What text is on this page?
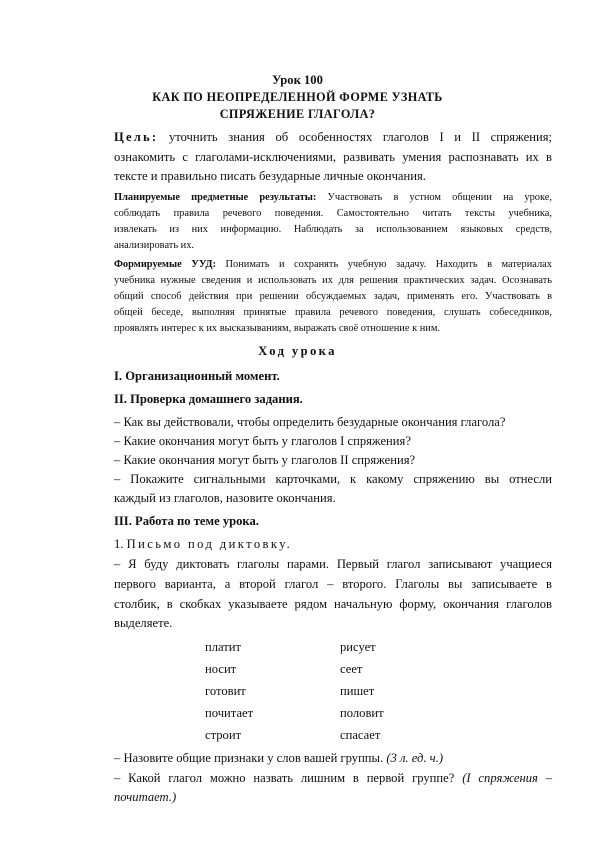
Урок 100
КАК ПО НЕОПРЕДЕЛЕННОЙ ФОРМЕ УЗНАТЬ
СПРЯЖЕНИЕ ГЛАГОЛА?
Цель: уточнить знания об особенностях глаголов I и II спряжения;
ознакомить с глаголами-исключениями, развивать умения распознавать их в
тексте и правильно писать безударные личные окончания.
Планируемые предметные результаты: Участвовать в устном общении на уроке,
соблюдать правила речевого поведения. Самостоятельно читать тексты учебника,
извлекать из них информацию. Наблюдать за использованием языковых средств,
анализировать их.
Формируемые УУД: Понимать и сохранять учебную задачу. Находить в материалах
учебника нужные сведения и использовать их для решения практических задач. Осознавать
общий способ действия при решении обсуждаемых задач, применять его. Участвовать в
общей беседе, выполняя принятые правила речевого поведения, слушать собеседников,
проявлять интерес к их высказываниям, выражать своё отношение к ним.
Ход урока
I. Организационный момент.
II. Проверка домашнего задания.
– Как вы действовали, чтобы определить безударные окончания глагола?
– Какие окончания могут быть у глаголов I спряжения?
– Какие окончания могут быть у глаголов II спряжения?
– Покажите сигнальными карточками, к какому спряжению вы отнесли
каждый из глаголов, назовите окончания.
III. Работа по теме урока.
1. Письмо под диктовку.
– Я буду диктовать глаголы парами. Первый глагол записывают учащиеся
первого варианта, а второй глагол – второго. Глаголы вы записываете в
столбик, в скобках указываете рядом начальную форму, окончания глаголов
выделяете.
платит
носит
готовит
почитает
строит
рисует
сеет
пишет
половит
спасает
– Назовите общие признаки у слов вашей группы. (3 л. ед. ч.)
– Какой глагол можно назвать лишним в первой группе? (I спряжения –
почитает.)
